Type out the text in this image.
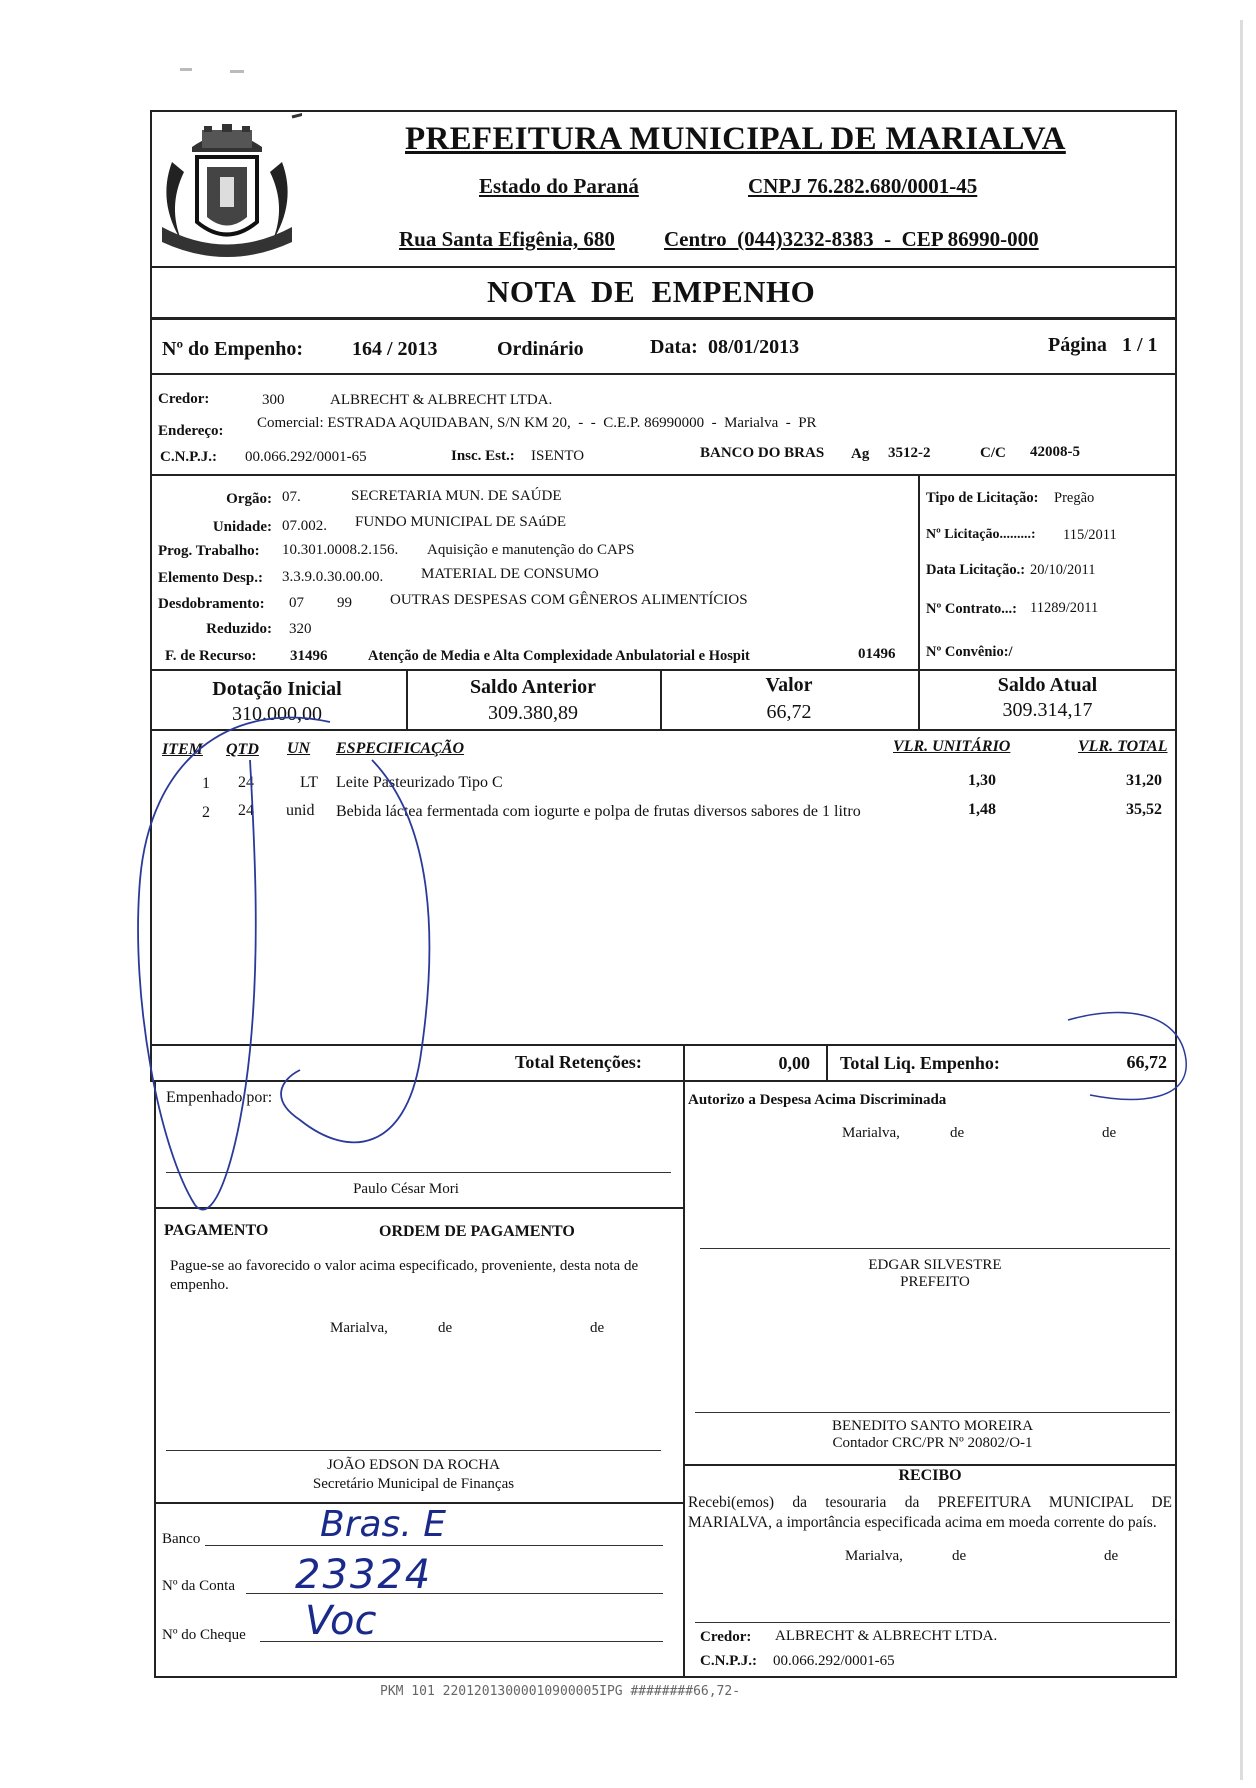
PREFEITURA MUNICIPAL DE MARIALVA
Estado do Paraná	CNPJ 76.282.680/0001-45
Rua Santa Efigênia, 680 Centro  (044)3232-8383  -  CEP 86990-000
NOTA  DE  EMPENHO
Nº do Empenho: 164 / 2013	Ordinário	Data: 08/01/2013	Página 1 / 1
Credor:	300	ALBRECHT & ALBRECHT LTDA.
Endereço: Comercial: ESTRADA AQUIDABAN, S/N KM 20,  -  -  C.E.P. 86990000  -  Marialva  -  PR
C.N.P.J.: 00.066.292/0001-65	Insc. Est.: ISENTO	BANCO DO BRAS Ag 3512-2	C/C 42008-5
Orgão: 07.	SECRETARIA MUN. DE SAÚDE
Unidade: 07.002. FUNDO MUNICIPAL DE SAúDE
Prog. Trabalho: 10.301.0008.2.156. Aquisição e manutenção do CAPS
Elemento Desp.: 3.3.9.0.30.00.00.	MATERIAL DE CONSUMO
Desdobramento: 07 99	OUTRAS DESPESAS COM GÊNEROS ALIMENTÍCIOS
Reduzido: 320
F. de Recurso: 31496	Atenção de Media e Alta Complexidade Anbulatorial e Hospit	01496
Tipo de Licitação: Pregão
Nº Licitação.........: 115/2011
Data Licitação.: 20/10/2011
Nº Contrato...: 11289/2011
Nº Convênio:/
Dotação Inicial
310.000,00
Saldo Anterior
309.380,89
Valor
66,72
Saldo Atual
309.314,17
ITEM QTD UN ESPECIFICAÇÃO	VLR. UNITÁRIO	VLR. TOTAL
1 24	LT Leite Pasteurizado Tipo C	1,30	31,20
2 24 unid Bebida láctea fermentada com iogurte e polpa de frutas diversos sabores de 1 litro	1,48	35,52
Total Retenções:	0,00 Total Liq. Empenho:	66,72
Empenhado por:
Paulo César Mori
Autorizo a Despesa Acima Discriminada
Marialva,	de	de
EDGAR SILVESTRE
PREFEITO
BENEDITO SANTO MOREIRA
Contador CRC/PR Nº 20802/O-1
PAGAMENTO	ORDEM DE PAGAMENTO
Pague-se ao favorecido o valor acima especificado, proveniente, desta nota de empenho.
Marialva,	de	de
JOÃO EDSON DA ROCHA
Secretário Municipal de Finanças	RECIBO
Recebi(emos) da tesouraria da PREFEITURA MUNICIPAL DE MARIALVA, a importância especificada acima em moeda corrente do país.
Marialva,	de	de
Credor: ALBRECHT & ALBRECHT LTDA.
C.N.P.J.: 00.066.292/0001-65
Banco	Bras. E
Nº da Conta 23324
Nº do Cheque Voc
PKM 101 22012013000010900005IPG ########66,72-
